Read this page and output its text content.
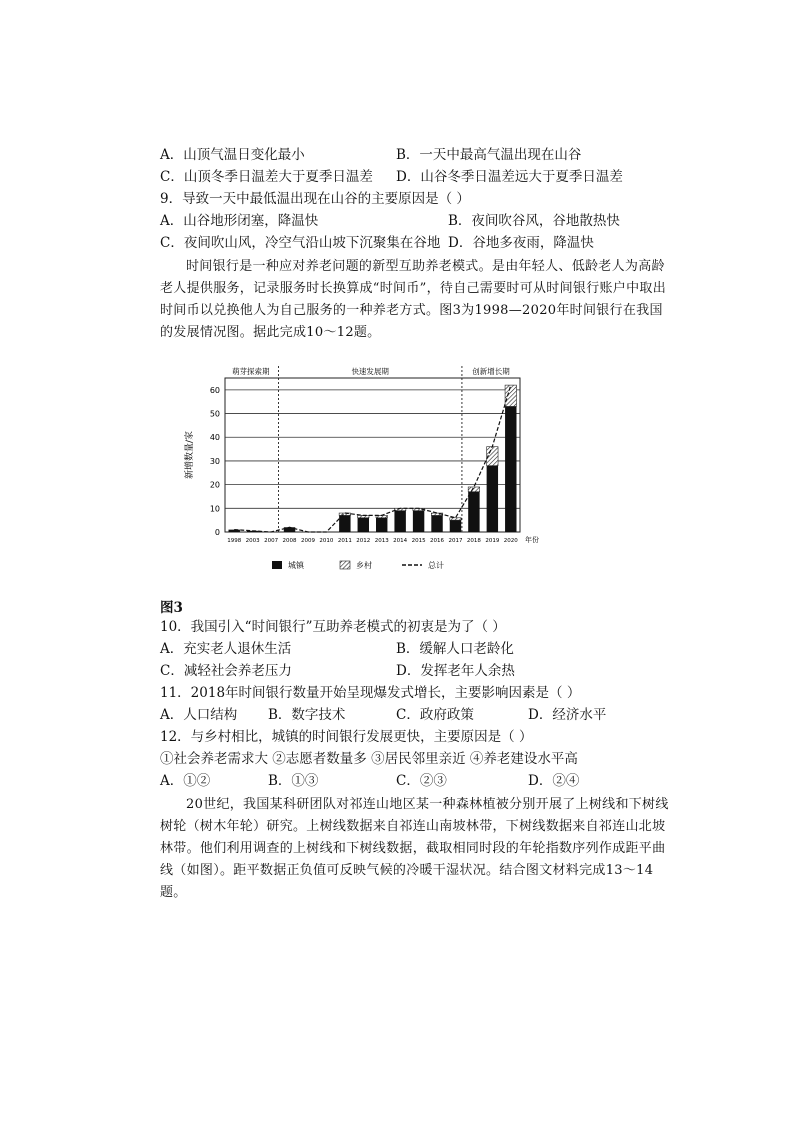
A．山顶气温日变化最小	B．一天中最高气温出现在山谷
C．山顶冬季日温差大于夏季日温差 D．山谷冬季日温差远大于夏季日温差
9．导致一天中最低温出现在山谷的主要原因是（ ）
A．山谷地形闭塞，降温快	B．夜间吹谷风，谷地散热快
C．夜间吹山风，冷空气沿山坡下沉聚集在谷地 D．谷地多夜雨，降温快
时间银行是一种应对养老问题的新型互助养老模式。是由年轻人、低龄老人为高龄老人提供服务，记录服务时长换算成“时间币”，待自己需要时可从时间银行账户中取出时间币以兑换他人为自己服务的一种养老方式。图3为1998—2020年时间银行在我国的发展情况图。据此完成10～12题。
0
10
20
30
40
50
60
新增数量/家
萌芽探索期	快速发展期	创新增长期
1998 2003 2007 2008 2009 2010 2011 2012 2013 2014 2015 2016 2017 2018 2019 2020 年份
城镇	乡村	总计
图3
10．我国引入“时间银行”互助养老模式的初衷是为了（ ）
A．充实老人退休生活	B．缓解人口老龄化
C．减轻社会养老压力	D．发挥老年人余热
11．2018年时间银行数量开始呈现爆发式增长，主要影响因素是（ ）
A．人口结构 B．数字技术	C．政府政策	D．经济水平
12．与乡村相比，城镇的时间银行发展更快，主要原因是（ ）
①社会养老需求大 ②志愿者数量多 ③居民邻里亲近 ④养老建设水平高
A．①②	B．①③	C．②③	D．②④
20世纪，我国某科研团队对祁连山地区某一种森林植被分别开展了上树线和下树线树轮（树木年轮）研究。上树线数据来自祁连山南坡林带，下树线数据来自祁连山北坡林带。他们利用调查的上树线和下树线数据，截取相同时段的年轮指数序列作成距平曲线（如图）。距平数据正负值可反映气候的冷暖干湿状况。结合图文材料完成13～14题。
